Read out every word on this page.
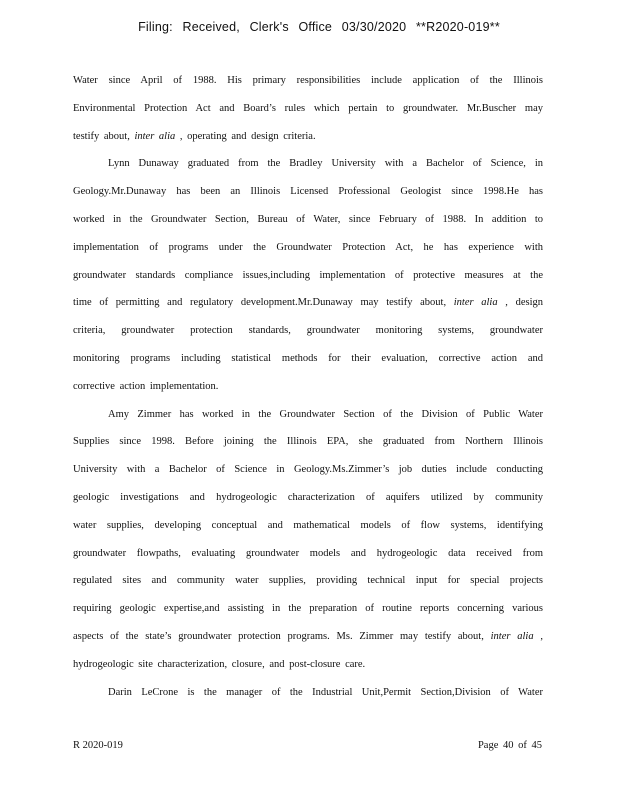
Filing: Received, Clerk's Office 03/30/2020 **R2020-019**
Water since April of 1988. His primary responsibilities include application of the Illinois
Environmental Protection Act and Board’s rules which pertain to groundwater. Mr.Buscher may
testify about, inter alia , operating and design criteria.
Lynn Dunaway graduated from the Bradley University with a Bachelor of Science, in
Geology.Mr.Dunaway has been an Illinois Licensed Professional Geologist since 1998.He has
worked in the Groundwater Section, Bureau of Water, since February of 1988. In addition to
implementation of programs under the Groundwater Protection Act, he has experience with
groundwater standards compliance issues,including implementation of protective measures at the
time of permitting and regulatory development.Mr.Dunaway may testify about, inter alia , design
criteria, groundwater protection standards, groundwater monitoring systems, groundwater
monitoring programs including statistical methods for their evaluation, corrective action and
corrective action implementation.
Amy Zimmer has worked in the Groundwater Section of the Division of Public Water
Supplies since 1998. Before joining the Illinois EPA, she graduated from Northern Illinois
University with a Bachelor of Science in Geology.Ms.Zimmer’s job duties include conducting
geologic investigations and hydrogeologic characterization of aquifers utilized by community
water supplies, developing conceptual and mathematical models of flow systems, identifying
groundwater flowpaths, evaluating groundwater models and hydrogeologic data received from
regulated sites and community water supplies, providing technical input for special projects
requiring geologic expertise,and assisting in the preparation of routine reports concerning various
aspects of the state’s groundwater protection programs. Ms. Zimmer may testify about, inter alia ,
hydrogeologic site characterization, closure, and post-closure care.
Darin LeCrone is the manager of the Industrial Unit,Permit Section,Division of Water
R 2020-019	Page 40 of 45
